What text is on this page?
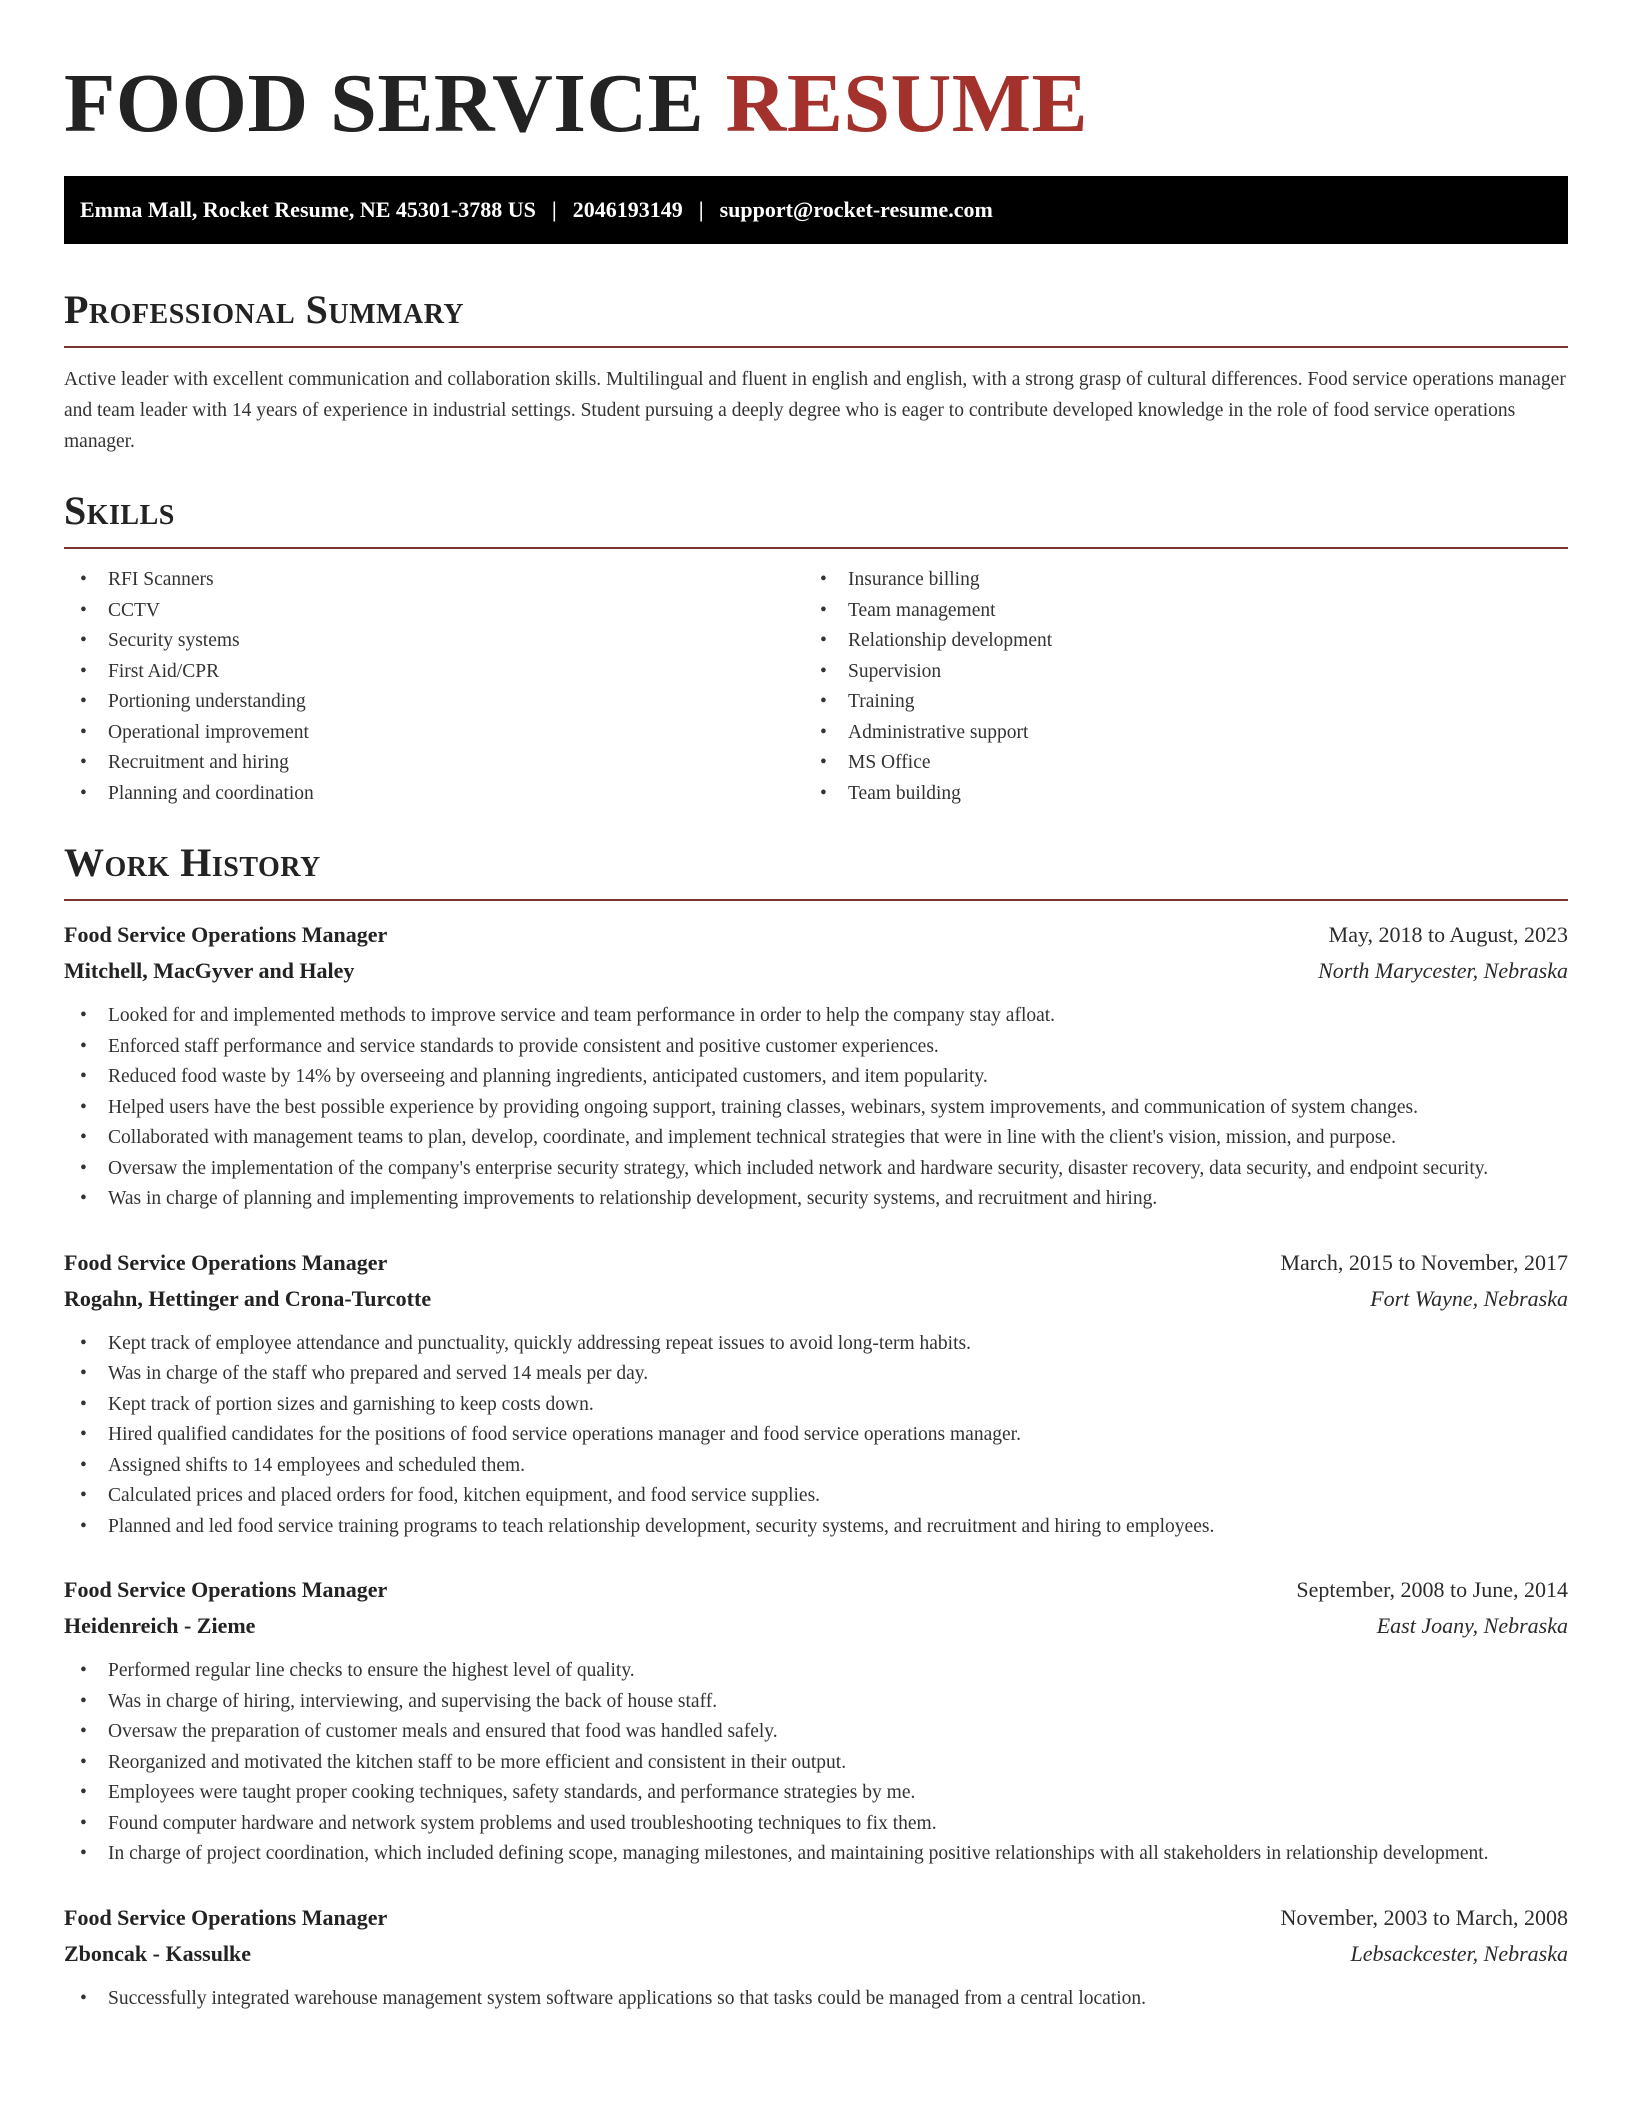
FOOD SERVICE RESUME
Emma Mall, Rocket Resume, NE 45301-3788 US | 2046193149 | support@rocket-resume.com
Professional Summary

Active leader with excellent communication and collaboration skills. Multilingual and fluent in english and english, with a strong grasp of cultural differences. Food service operations manager and team leader with 14 years of experience in industrial settings. Student pursuing a deeply degree who is eager to contribute developed knowledge in the role of food service operations manager.

Skills
• RFI Scanners
• CCTV
• Security systems
• First Aid/CPR
• Portioning understanding
• Operational improvement
• Recruitment and hiring
• Planning and coordination
• Insurance billing
• Team management
• Relationship development
• Supervision
• Training
• Administrative support
• MS Office
• Team building
Work History
Food Service Operations Manager	May, 2018 to August, 2023
Mitchell, MacGyver and Haley	North Marycester, Nebraska
• Looked for and implemented methods to improve service and team performance in order to help the company stay afloat.
• Enforced staff performance and service standards to provide consistent and positive customer experiences.
• Reduced food waste by 14% by overseeing and planning ingredients, anticipated customers, and item popularity.
• Helped users have the best possible experience by providing ongoing support, training classes, webinars, system improvements, and communication of system changes.
• Collaborated with management teams to plan, develop, coordinate, and implement technical strategies that were in line with the client's vision, mission, and purpose.
• Oversaw the implementation of the company's enterprise security strategy, which included network and hardware security, disaster recovery, data security, and endpoint security.
• Was in charge of planning and implementing improvements to relationship development, security systems, and recruitment and hiring.
Food Service Operations Manager	March, 2015 to November, 2017
Rogahn, Hettinger and Crona-Turcotte	Fort Wayne, Nebraska
• Kept track of employee attendance and punctuality, quickly addressing repeat issues to avoid long-term habits.
• Was in charge of the staff who prepared and served 14 meals per day.
• Kept track of portion sizes and garnishing to keep costs down.
• Hired qualified candidates for the positions of food service operations manager and food service operations manager.
• Assigned shifts to 14 employees and scheduled them.
• Calculated prices and placed orders for food, kitchen equipment, and food service supplies.
• Planned and led food service training programs to teach relationship development, security systems, and recruitment and hiring to employees.
Food Service Operations Manager	September, 2008 to June, 2014
Heidenreich - Zieme	East Joany, Nebraska
• Performed regular line checks to ensure the highest level of quality.
• Was in charge of hiring, interviewing, and supervising the back of house staff.
• Oversaw the preparation of customer meals and ensured that food was handled safely.
• Reorganized and motivated the kitchen staff to be more efficient and consistent in their output.
• Employees were taught proper cooking techniques, safety standards, and performance strategies by me.
• Found computer hardware and network system problems and used troubleshooting techniques to fix them.
• In charge of project coordination, which included defining scope, managing milestones, and maintaining positive relationships with all stakeholders in relationship development.
Food Service Operations Manager	November, 2003 to March, 2008
Zboncak - Kassulke	Lebsackcester, Nebraska
• Successfully integrated warehouse management system software applications so that tasks could be managed from a central location.
